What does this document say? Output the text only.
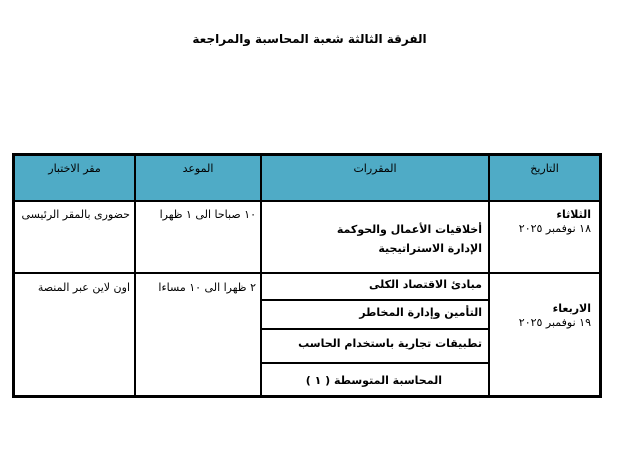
الفرقة الثالثة شعبة المحاسبة والمراجعة
التاريخ
المقررات
الموعد
مقر الاختبار
الثلاثاء
١٨ نوفمبر ٢٠٢٥
أخلاقيات الأعمال والحوكمة
الإدارة الاستراتيجية
١٠ صباحا الى ١ ظهرا
حضورى بالمقر الرئيسى
الاربعاء
١٩ نوفمبر ٢٠٢٥
مبادئ الاقتصاد الكلى
التأمين وإدارة المخاطر
تطبيقات تجارية باستخدام الحاسب
المحاسبة المتوسطة ( ١ )
٢ ظهرا الى ١٠ مساءا
اون لاين عبر المنصة
